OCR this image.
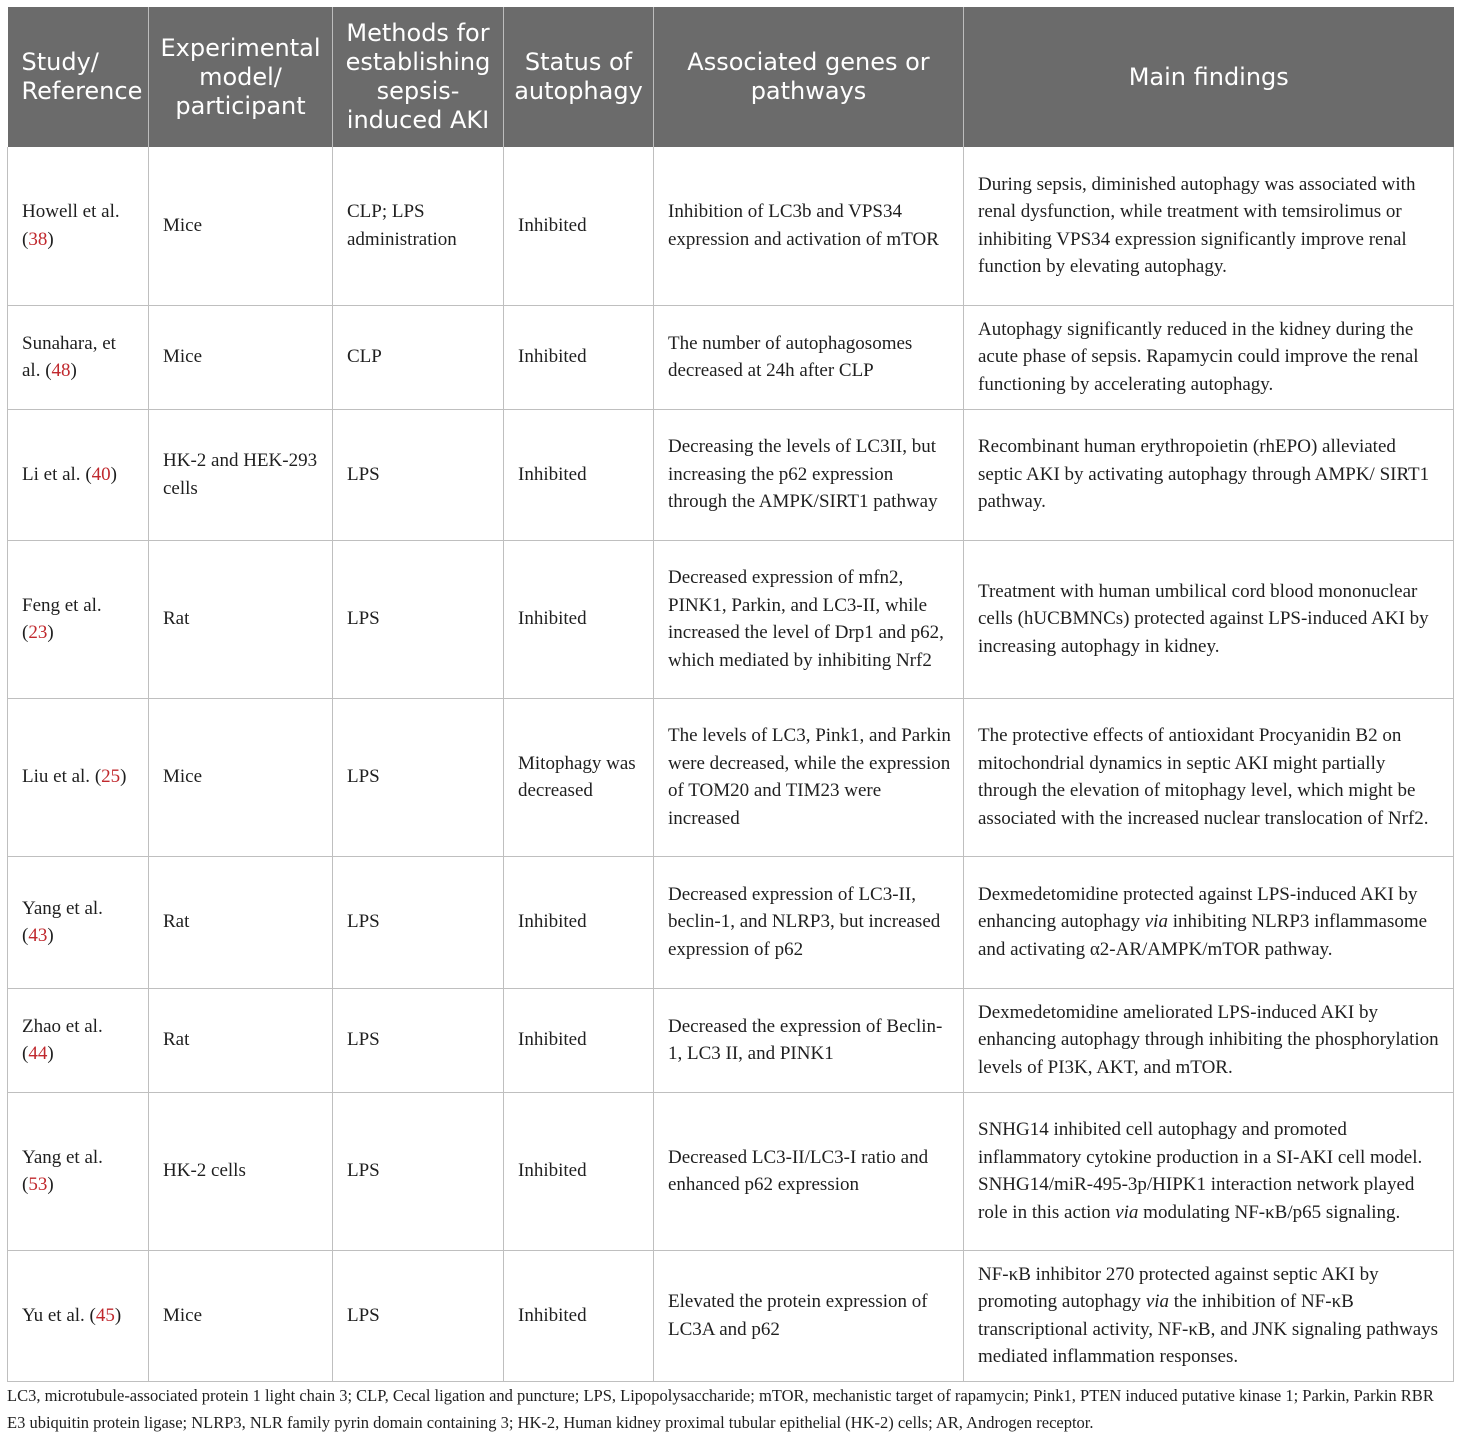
Study/ Reference	Experimental model/ participant	Methods for establishing sepsis-induced AKI	Status of autophagy	Associated genes or pathways	Main findings
Howell et al. (38)	Mice	CLP; LPS administration	Inhibited	Inhibition of LC3b and VPS34 expression and activation of mTOR	During sepsis, diminished autophagy was associated with renal dysfunction, while treatment with temsirolimus or inhibiting VPS34 expression significantly improve renal function by elevating autophagy.
Sunahara, et al. (48)	Mice	CLP	Inhibited	The number of autophagosomes decreased at 24h after CLP	Autophagy significantly reduced in the kidney during the acute phase of sepsis. Rapamycin could improve the renal functioning by accelerating autophagy.
Li et al. (40)	HK-2 and HEK-293 cells	LPS	Inhibited	Decreasing the levels of LC3II, but increasing the p62 expression through the AMPK/SIRT1 pathway	Recombinant human erythropoietin (rhEPO) alleviated septic AKI by activating autophagy through AMPK/ SIRT1 pathway.
Feng et al. (23)	Rat	LPS	Inhibited	Decreased expression of mfn2, PINK1, Parkin, and LC3-II, while increased the level of Drp1 and p62, which mediated by inhibiting Nrf2	Treatment with human umbilical cord blood mononuclear cells (hUCBMNCs) protected against LPS-induced AKI by increasing autophagy in kidney.
Liu et al. (25)	Mice	LPS	Mitophagy was decreased	The levels of LC3, Pink1, and Parkin were decreased, while the expression of TOM20 and TIM23 were increased	The protective effects of antioxidant Procyanidin B2 on mitochondrial dynamics in septic AKI might partially through the elevation of mitophagy level, which might be associated with the increased nuclear translocation of Nrf2.
Yang et al. (43)	Rat	LPS	Inhibited	Decreased expression of LC3-II, beclin-1, and NLRP3, but increased expression of p62	Dexmedetomidine protected against LPS-induced AKI by enhancing autophagy via inhibiting NLRP3 inflammasome and activating α2-AR/AMPK/mTOR pathway.
Zhao et al. (44)	Rat	LPS	Inhibited	Decreased the expression of Beclin-1, LC3 II, and PINK1	Dexmedetomidine ameliorated LPS-induced AKI by enhancing autophagy through inhibiting the phosphorylation levels of PI3K, AKT, and mTOR.
Yang et al. (53)	HK-2 cells	LPS	Inhibited	Decreased LC3-II/LC3-I ratio and enhanced p62 expression	SNHG14 inhibited cell autophagy and promoted inflammatory cytokine production in a SI-AKI cell model. SNHG14/miR-495-3p/HIPK1 interaction network played role in this action via modulating NF-κB/p65 signaling.
Yu et al. (45)	Mice	LPS	Inhibited	Elevated the protein expression of LC3A and p62	NF-κB inhibitor 270 protected against septic AKI by promoting autophagy via the inhibition of NF-κB transcriptional activity, NF-κB, and JNK signaling pathways mediated inflammation responses.
LC3, microtubule-associated protein 1 light chain 3; CLP, Cecal ligation and puncture; LPS, Lipopolysaccharide; mTOR, mechanistic target of rapamycin; Pink1, PTEN induced putative kinase 1; Parkin, Parkin RBR E3 ubiquitin protein ligase; NLRP3, NLR family pyrin domain containing 3; HK-2, Human kidney proximal tubular epithelial (HK-2) cells; AR, Androgen receptor.
